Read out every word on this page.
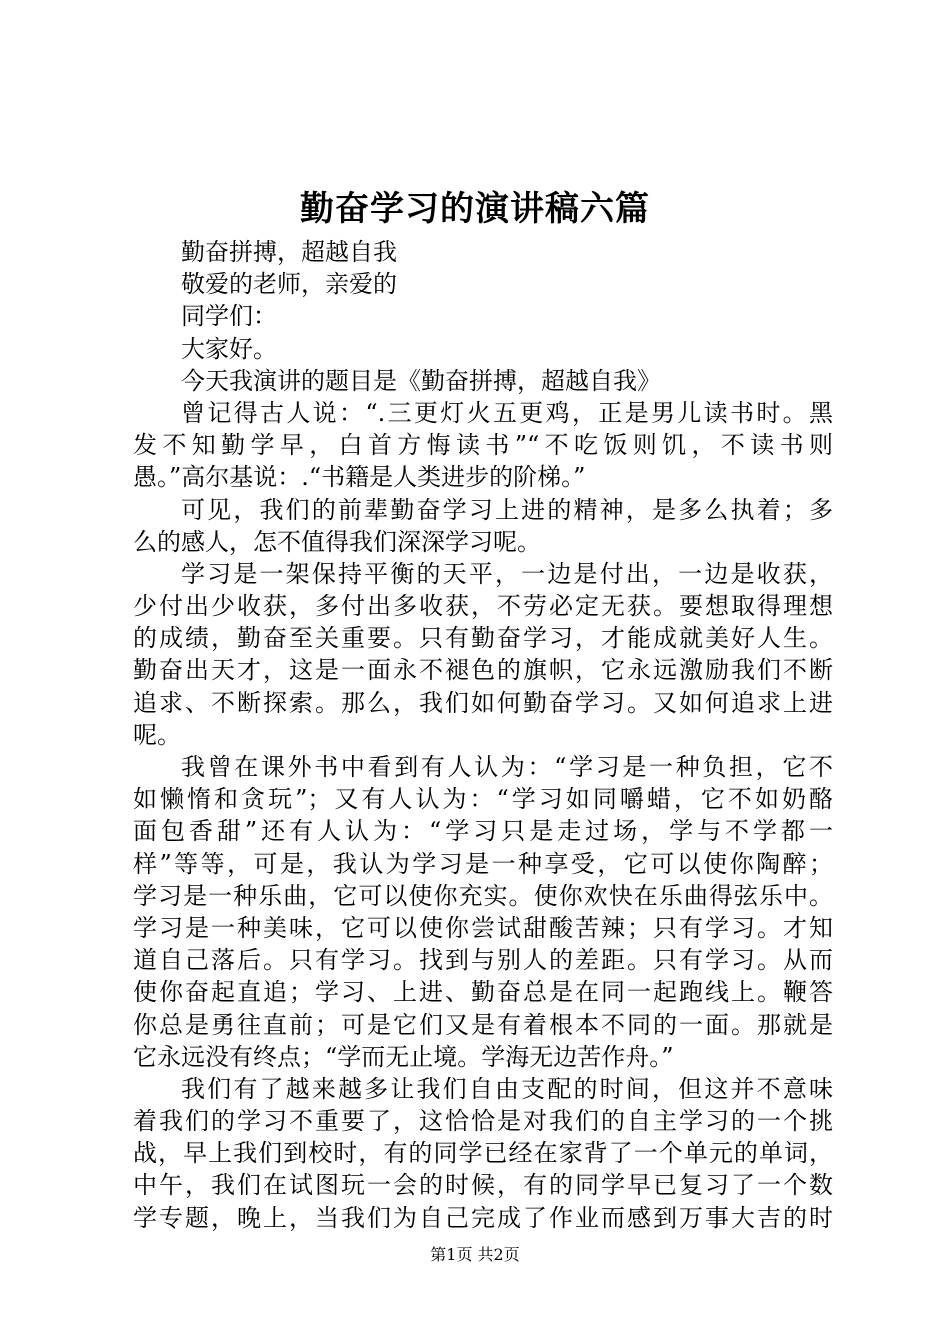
勤奋学习的演讲稿六篇
勤奋拼搏，超越自我
敬爱的老师，亲爱的
同学们：
大家好。
今天我演讲的题目是《勤奋拼搏，超越自我》
曾记得古人说：“.三更灯火五更鸡，正是男儿读书时。黑
发不知勤学早，白首方悔读书”“不吃饭则饥，不读书则
愚。”高尔基说：.“书籍是人类进步的阶梯。”
可见，我们的前辈勤奋学习上进的精神，是多么执着；多
么的感人，怎不值得我们深深学习呢。
学习是一架保持平衡的天平，一边是付出，一边是收获，
少付出少收获，多付出多收获，不劳必定无获。要想取得理想
的成绩，勤奋至关重要。只有勤奋学习，才能成就美好人生。
勤奋出天才，这是一面永不褪色的旗帜，它永远激励我们不断
追求、不断探索。那么，我们如何勤奋学习。又如何追求上进
呢。
我曾在课外书中看到有人认为：“学习是一种负担，它不
如懒惰和贪玩”；又有人认为：“学习如同嚼蜡，它不如奶酪
面包香甜”还有人认为：“学习只是走过场，学与不学都一
样”等等，可是，我认为学习是一种享受，它可以使你陶醉；
学习是一种乐曲，它可以使你充实。使你欢快在乐曲得弦乐中。
学习是一种美味，它可以使你尝试甜酸苦辣；只有学习。才知
道自己落后。只有学习。找到与别人的差距。只有学习。从而
使你奋起直追；学习、上进、勤奋总是在同一起跑线上。鞭答
你总是勇往直前；可是它们又是有着根本不同的一面。那就是
它永远没有终点；“学而无止境。学海无边苦作舟。”
我们有了越来越多让我们自由支配的时间，但这并不意味
着我们的学习不重要了，这恰恰是对我们的自主学习的一个挑
战，早上我们到校时，有的同学已经在家背了一个单元的单词，
中午，我们在试图玩一会的时候，有的同学早已复习了一个数
学专题，晚上，当我们为自己完成了作业而感到万事大吉的时
第1页 共2页
